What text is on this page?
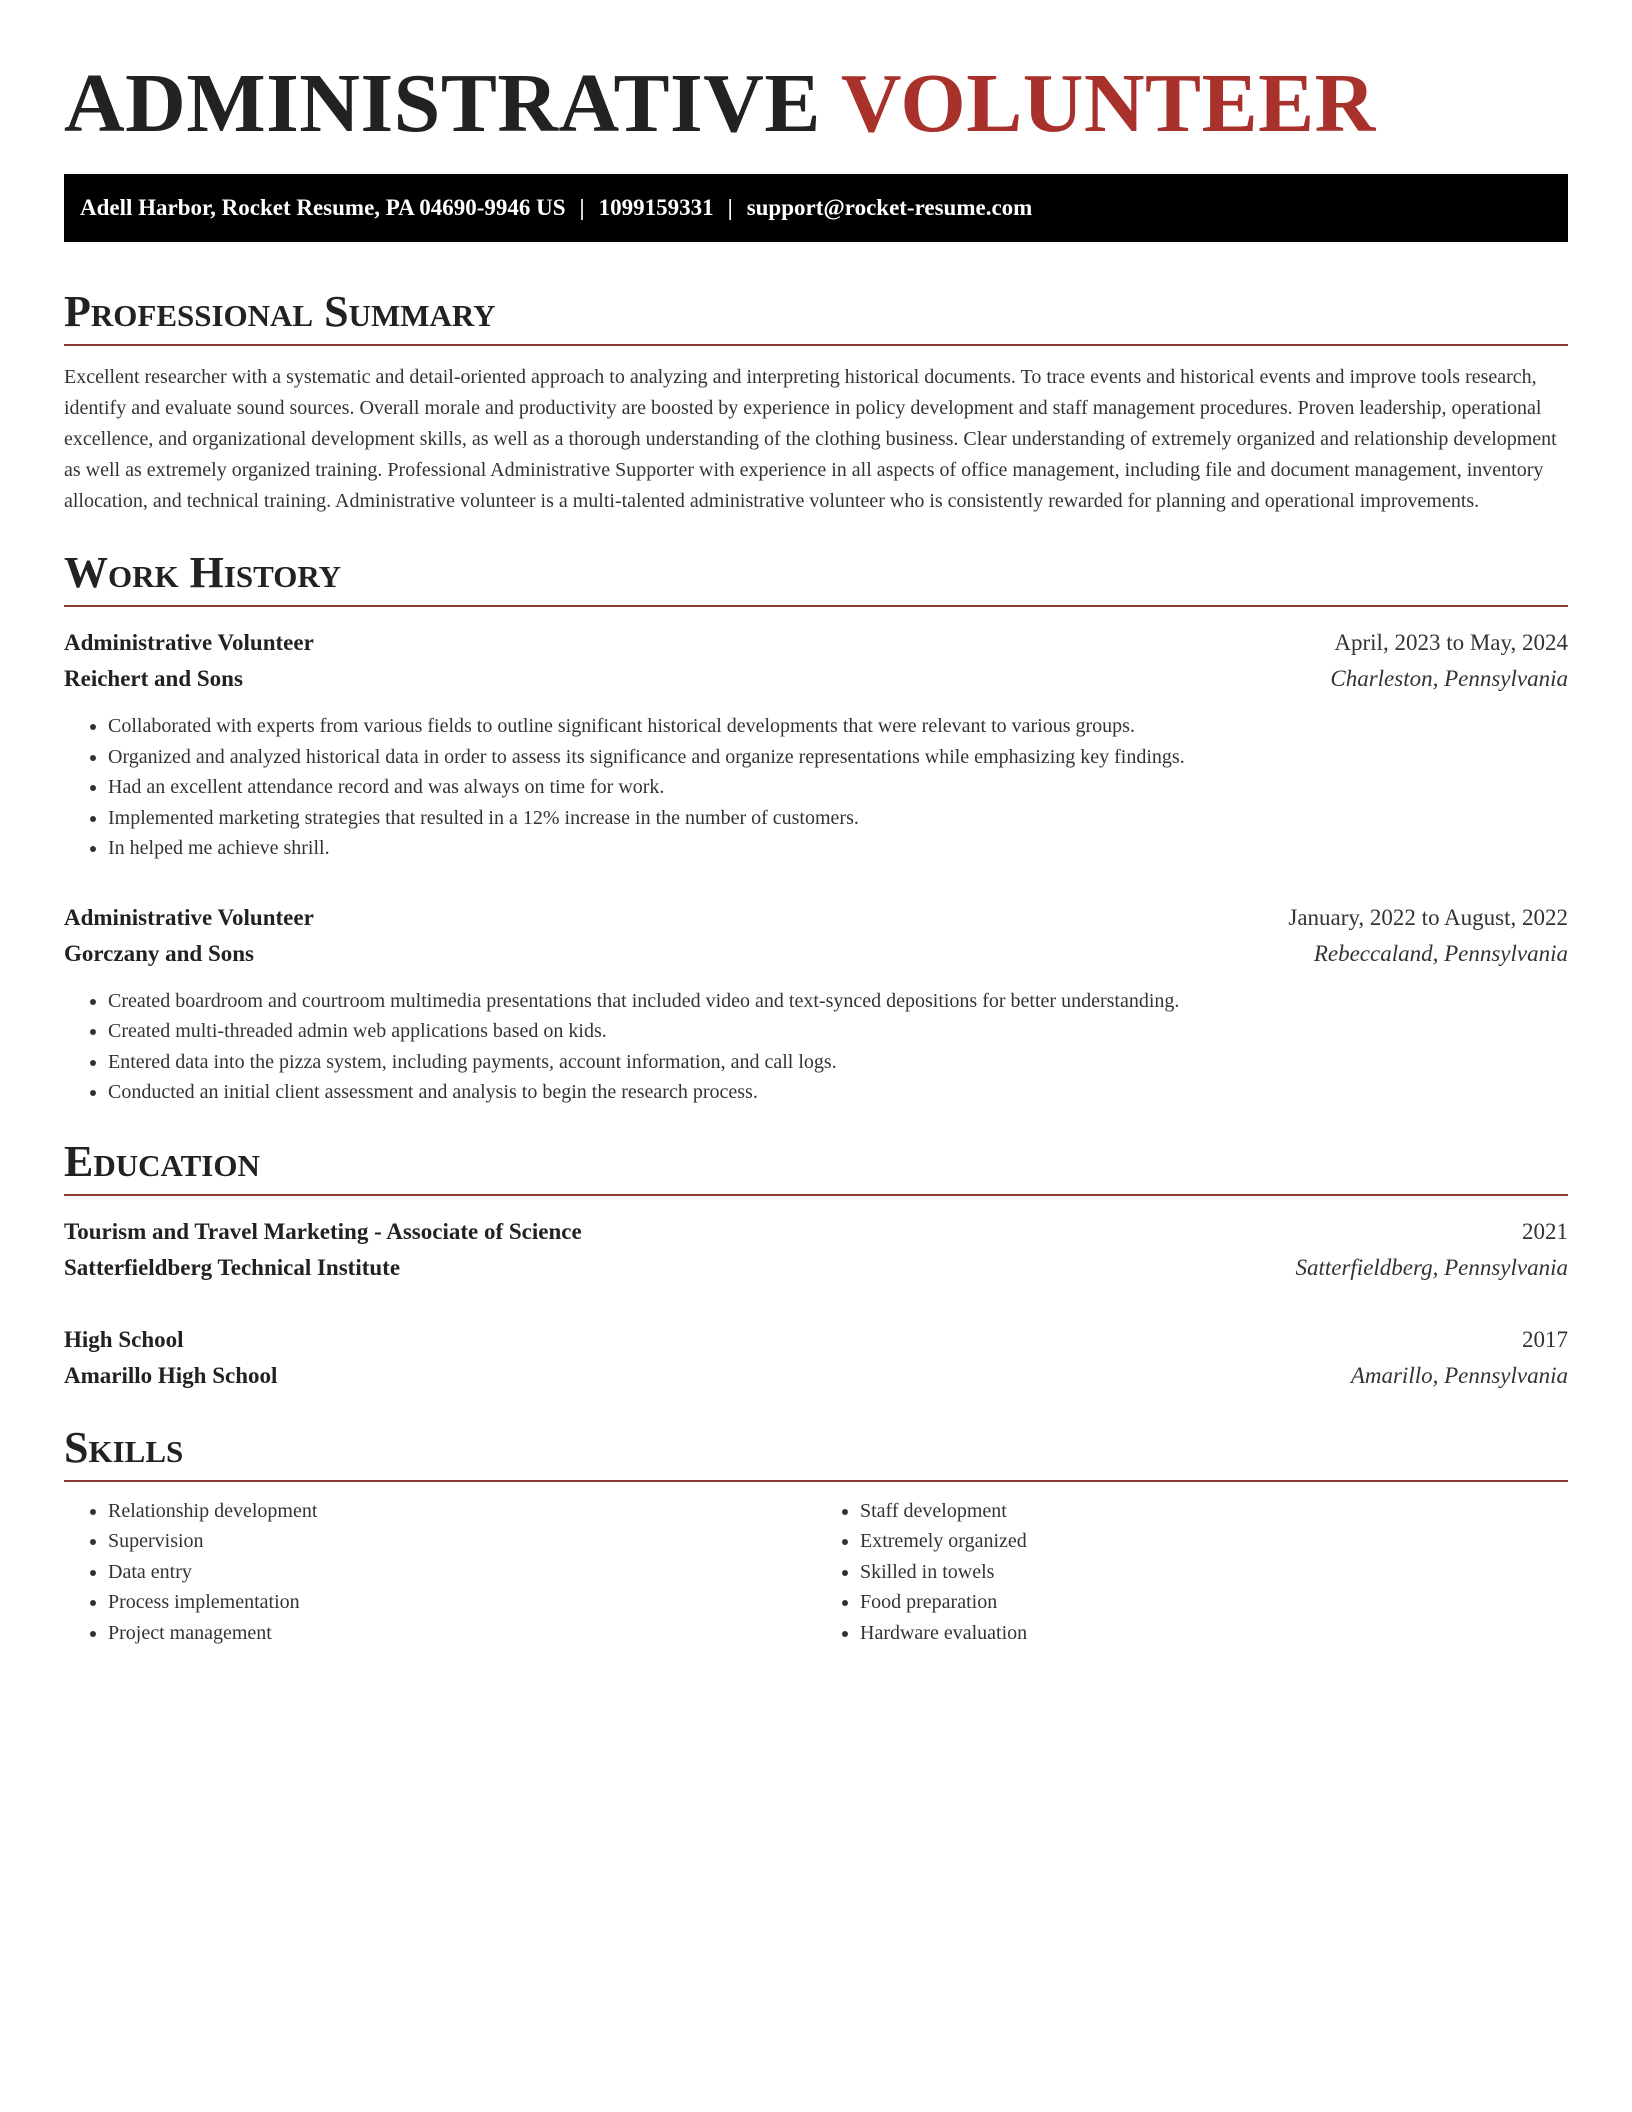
ADMINISTRATIVE VOLUNTEER
Adell Harbor, Rocket Resume, PA 04690-9946 US | 1099159331 | support@rocket-resume.com
Professional Summary

Excellent researcher with a systematic and detail-oriented approach to analyzing and interpreting historical documents. To trace events and historical events and improve tools research, identify and evaluate sound sources. Overall morale and productivity are boosted by experience in policy development and staff management procedures. Proven leadership, operational excellence, and organizational development skills, as well as a thorough understanding of the clothing business. Clear understanding of extremely organized and relationship development as well as extremely organized training. Professional Administrative Supporter with experience in all aspects of office management, including file and document management, inventory allocation, and technical training. Administrative volunteer is a multi-talented administrative volunteer who is consistently rewarded for planning and operational improvements.

Work History
Administrative Volunteer	April, 2023 to May, 2024
Reichert and Sons	Charleston, Pennsylvania
• Collaborated with experts from various fields to outline significant historical developments that were relevant to various groups.
• Organized and analyzed historical data in order to assess its significance and organize representations while emphasizing key findings.
• Had an excellent attendance record and was always on time for work.
• Implemented marketing strategies that resulted in a 12% increase in the number of customers.
• In helped me achieve shrill.
Administrative Volunteer	January, 2022 to August, 2022
Gorczany and Sons	Rebeccaland, Pennsylvania
• Created boardroom and courtroom multimedia presentations that included video and text-synced depositions for better understanding.
• Created multi-threaded admin web applications based on kids.
• Entered data into the pizza system, including payments, account information, and call logs.
• Conducted an initial client assessment and analysis to begin the research process.
Education
Tourism and Travel Marketing - Associate of Science	2021
Satterfieldberg Technical Institute	Satterfieldberg, Pennsylvania
High School	2017
Amarillo High School	Amarillo, Pennsylvania
Skills
• Relationship development
• Supervision
• Data entry
• Process implementation
• Project management
• Staff development
• Extremely organized
• Skilled in towels
• Food preparation
• Hardware evaluation
